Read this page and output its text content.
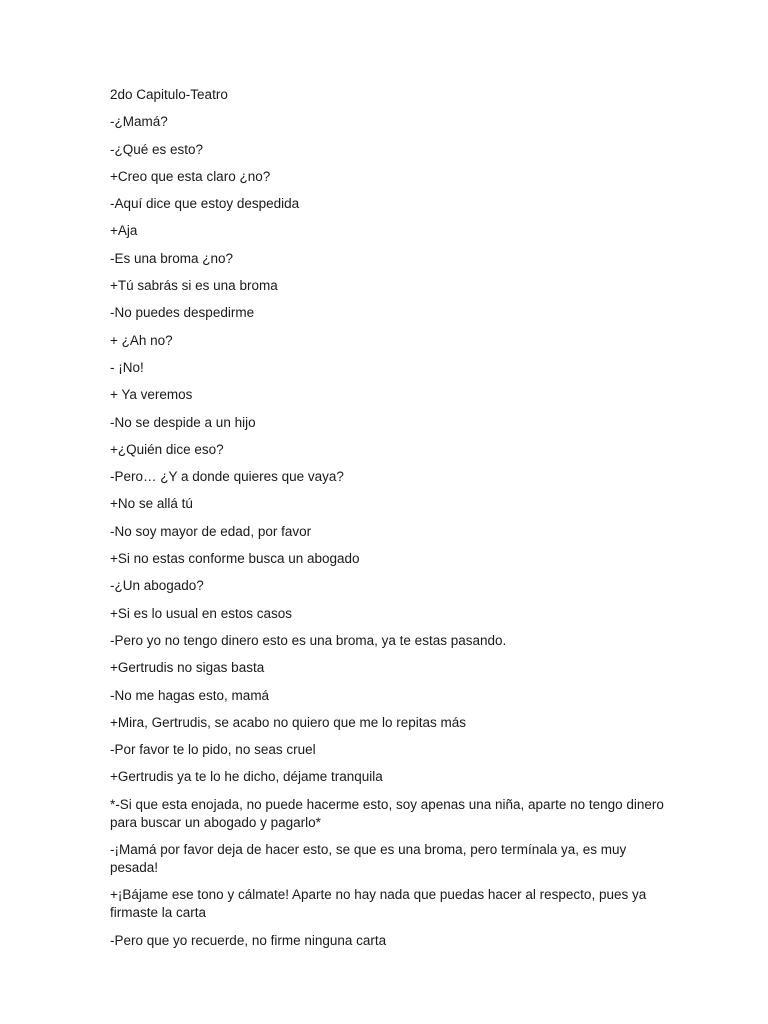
2do Capitulo-Teatro
-¿Mamá?
-¿Qué es esto?
+Creo que esta claro ¿no?
-Aquí dice que estoy despedida
+Aja
-Es una broma ¿no?
+Tú sabrás si es una broma
-No puedes despedirme
+ ¿Ah no?
- ¡No!
+ Ya veremos
-No se despide a un hijo
+¿Quién dice eso?
-Pero… ¿Y a donde quieres que vaya?
+No se allá tú
-No soy mayor de edad, por favor
+Si no estas conforme busca un abogado
-¿Un abogado?
+Si es lo usual en estos casos
-Pero yo no tengo dinero esto es una broma, ya te estas pasando.
+Gertrudis no sigas basta
-No me hagas esto, mamá
+Mira, Gertrudis, se acabo no quiero que me lo repitas más
-Por favor te lo pido, no seas cruel
+Gertrudis ya te lo he dicho, déjame tranquila
*-Si que esta enojada, no puede hacerme esto, soy apenas una niña, aparte no tengo dinero para buscar un abogado y pagarlo*
-¡Mamá por favor deja de hacer esto, se que es una broma, pero termínala ya, es muy pesada!
+¡Bájame ese tono y cálmate! Aparte no hay nada que puedas hacer al respecto, pues ya firmaste la carta
-Pero que yo recuerde, no firme ninguna carta
